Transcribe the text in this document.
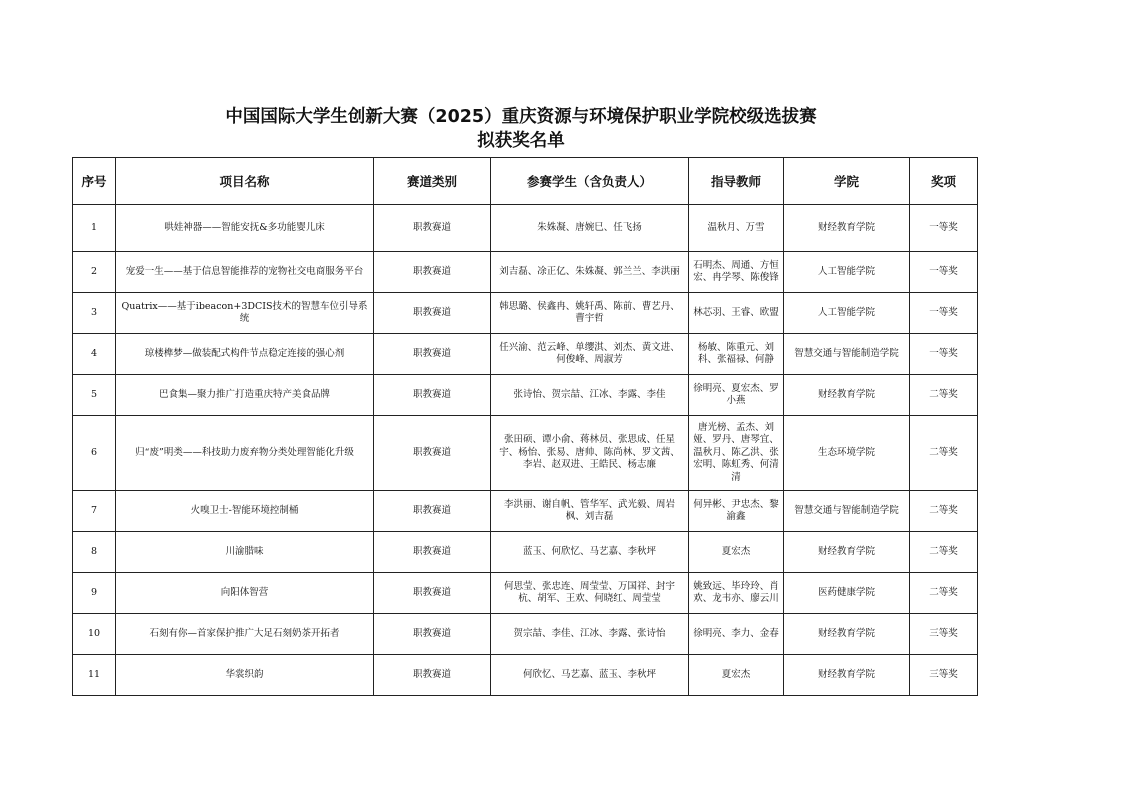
中国国际大学生创新大赛（2025）重庆资源与环境保护职业学院校级选拔赛
拟获奖名单
序号	项目名称	赛道类别	参赛学生（含负责人）	指导教师	学院	奖项
1	哄娃神器——智能安抚&多功能婴儿床	职教赛道	朱姝凝、唐婉巳、任飞扬	温秋月、万雪	财经教育学院	一等奖
2	宠爱一生——基于信息智能推荐的宠物社交电商服务平台	职教赛道	刘吉磊、凃正亿、朱姝凝、郭兰兰、李洪丽	石明杰、周通、方恒宏、冉学琴、陈俊锋	人工智能学院	一等奖
3	Quatrix——基于ibeacon+3DCIS技术的智慧车位引导系统	职教赛道	韩思璐、侯鑫冉、姚轩禹、陈前、曹艺丹、曹宇哲	林芯羽、王睿、欧盟	人工智能学院	一等奖
4	琼楼榫梦—做装配式构件节点稳定连接的强心剂	职教赛道	任兴渝、范云峰、单缨淇、刘杰、黄文进、何俊峰、周淑芳	杨敏、陈重元、刘科、张福禄、何静	智慧交通与智能制造学院	一等奖
5	巴食集—聚力推广打造重庆特产美食品牌	职教赛道	张诗怡、贺宗喆、江冰、李露、李佳	徐明亮、夏宏杰、罗小燕	财经教育学院	二等奖
6	归“废”明类——科技助力废弃物分类处理智能化升级	职教赛道	张田硕、谭小俞、蒋林员、张思成、任星宇、杨怡、张易、唐帅、陈尚林、罗文茜、李岩、赵双进、王皓民、杨志廉	唐光榜、孟杰、刘娅、罗丹、唐琴宜、温秋月、陈乙洪、张宏明、陈虹秀、何清清	生态环境学院	二等奖
7	火嗅卫士-智能环境控制桶	职教赛道	李洪丽、谢自帆、管华军、武光毅、周岩枫、刘吉磊	何异彬、尹忠杰、黎渝鑫	智慧交通与智能制造学院	二等奖
8	川渝腊味	职教赛道	蓝玉、何欣忆、马艺嘉、李秋坪	夏宏杰	财经教育学院	二等奖
9	向阳体智营	职教赛道	何思莹、张忠连、周莹莹、万国祥、封宇杭、胡军、王欢、何晓红、周莹莹	姚致远、毕玲玲、肖欢、龙韦亦、廖云川	医药健康学院	二等奖
10	石刻有你—首家保护推广大足石刻奶茶开拓者	职教赛道	贺宗喆、李佳、江冰、李露、张诗怡	徐明亮、李力、金春	财经教育学院	三等奖
11	华裳织韵	职教赛道	何欣忆、马艺嘉、蓝玉、李秋坪	夏宏杰	财经教育学院	三等奖
